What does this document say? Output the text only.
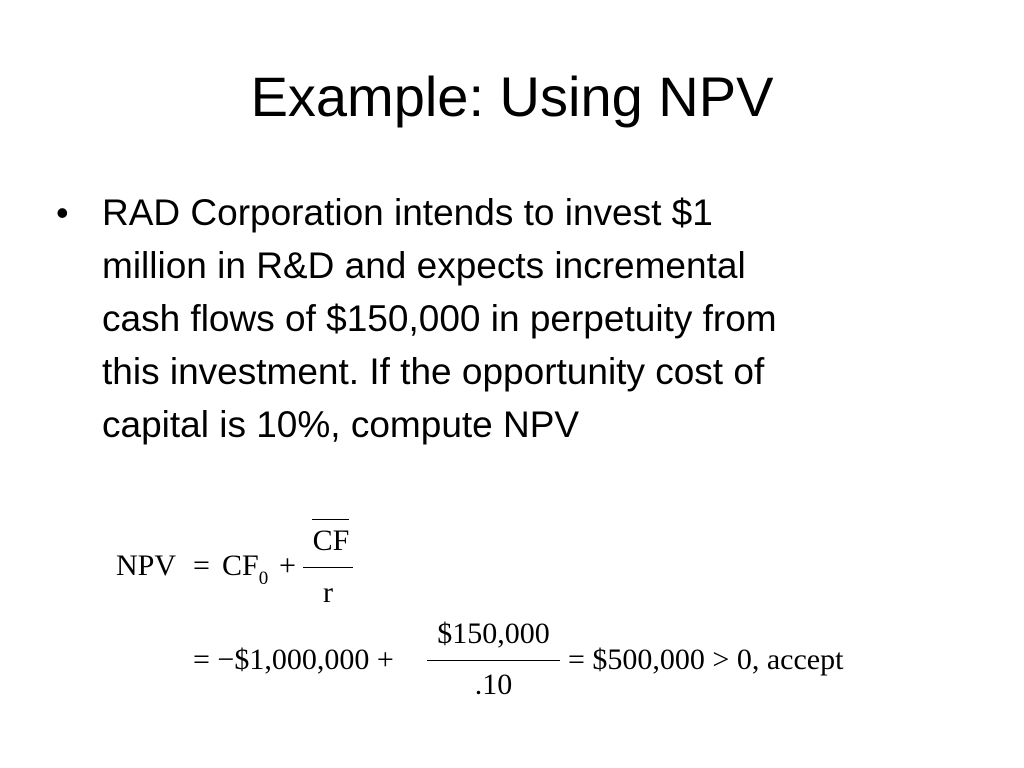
Example: Using NPV
• RAD Corporation intends to invest $1
million in R&D and expects incremental
cash flows of $150,000 in perpetuity from
this investment. If the opportunity cost of
capital is 10%, compute NPV
NPV = $CF_0$ +
CF
r
= −$1,000,000 +
$150,000
.10
= $500,000 > 0, accept
